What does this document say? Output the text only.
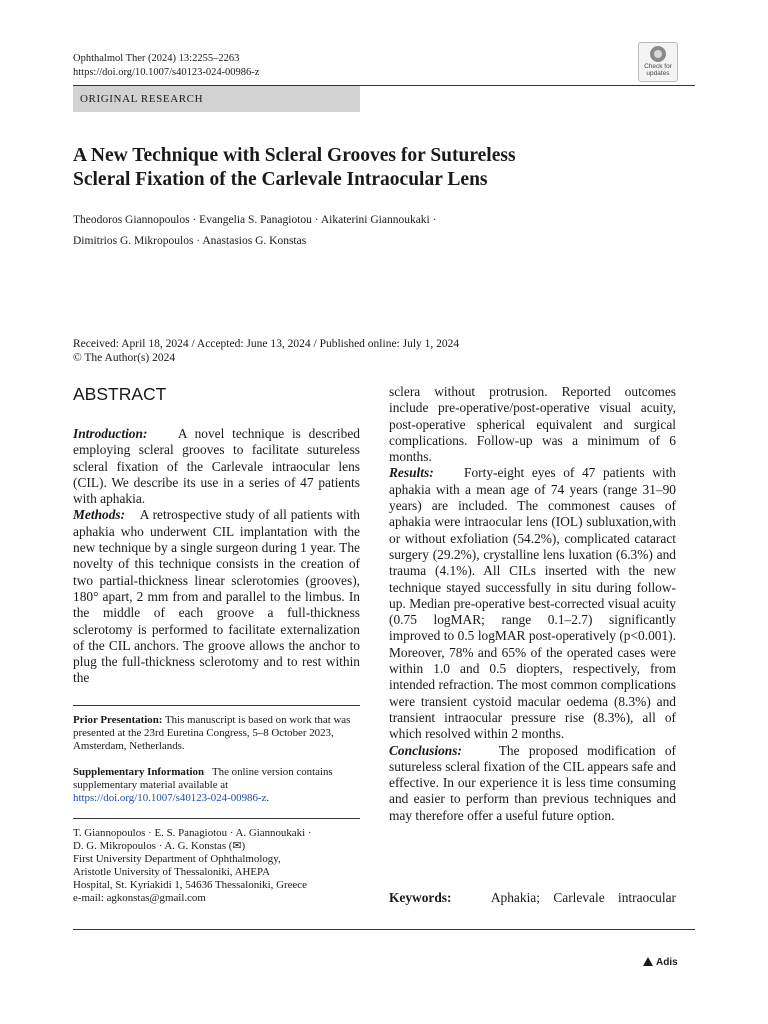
Ophthalmol Ther (2024) 13:2255–2263
https://doi.org/10.1007/s40123-024-00986-z
Check for updates
ORIGINAL RESEARCH
A New Technique with Scleral Grooves for Sutureless
Scleral Fixation of the Carlevale Intraocular Lens
Theodoros Giannopoulos · Evangelia S. Panagiotou · Aikaterini Giannoukaki ·
Dimitrios G. Mikropoulos · Anastasios G. Konstas
Received: April 18, 2024 / Accepted: June 13, 2024 / Published online: July 1, 2024
© The Author(s) 2024
ABSTRACT

Introduction: A novel technique is described employing scleral grooves to facilitate sutureless scleral fixation of the Carlevale intraocular lens (CIL). We describe its use in a series of 47 patients with aphakia.

Methods: A retrospective study of all patients with aphakia who underwent CIL implantation with the new technique by a single surgeon during 1 year. The novelty of this technique consists in the creation of two partial-thickness linear sclerotomies (grooves), 180° apart, 2 mm from and parallel to the limbus. In the middle of each groove a full-thickness sclerotomy is performed to facilitate externalization of the CIL anchors. The groove allows the anchor to plug the full-thickness sclerotomy and to rest within the

Prior Presentation: This manuscript is based on work that was presented at the 23rd Euretina Congress, 5–8 October 2023, Amsterdam, Netherlands.
Supplementary Information The online version contains supplementary material available at https://doi.org/10.1007/s40123-024-00986-z.
T. Giannopoulos · E. S. Panagiotou · A. Giannoukaki ·
D. G. Mikropoulos · A. G. Konstas (✉)
First University Department of Ophthalmology,
Aristotle University of Thessaloniki, AHEPA
Hospital, St. Kyriakidi 1, 54636 Thessaloniki, Greece
e-mail: agkonstas@gmail.com

sclera without protrusion. Reported outcomes include pre-operative/post-operative visual acuity, post-operative spherical equivalent and surgical complications. Follow-up was a minimum of 6 months.

Results: Forty-eight eyes of 47 patients with aphakia with a mean age of 74 years (range 31–90 years) are included. The commonest causes of aphakia were intraocular lens (IOL) subluxation,with or without exfoliation (54.2%), complicated cataract surgery (29.2%), crystalline lens luxation (6.3%) and trauma (4.1%). All CILs inserted with the new technique stayed successfully in situ during follow-up. Median pre-operative best-corrected visual acuity (0.75 logMAR; range 0.1–2.7) significantly improved to 0.5 logMAR post-operatively (p<0.001). Moreover, 78% and 65% of the operated cases were within 1.0 and 0.5 diopters, respectively, from intended refraction. The most common complications were transient cystoid macular oedema (8.3%) and transient intraocular pressure rise (8.3%), all of which resolved within 2 months.

Conclusions:	The proposed modification of sutureless scleral fixation of the CIL appears safe and effective. In our experience it is less time consuming and easier to perform than previous techniques and may therefore offer a useful future option.

Keywords:	Aphakia; Carlevale intraocular
Adis
